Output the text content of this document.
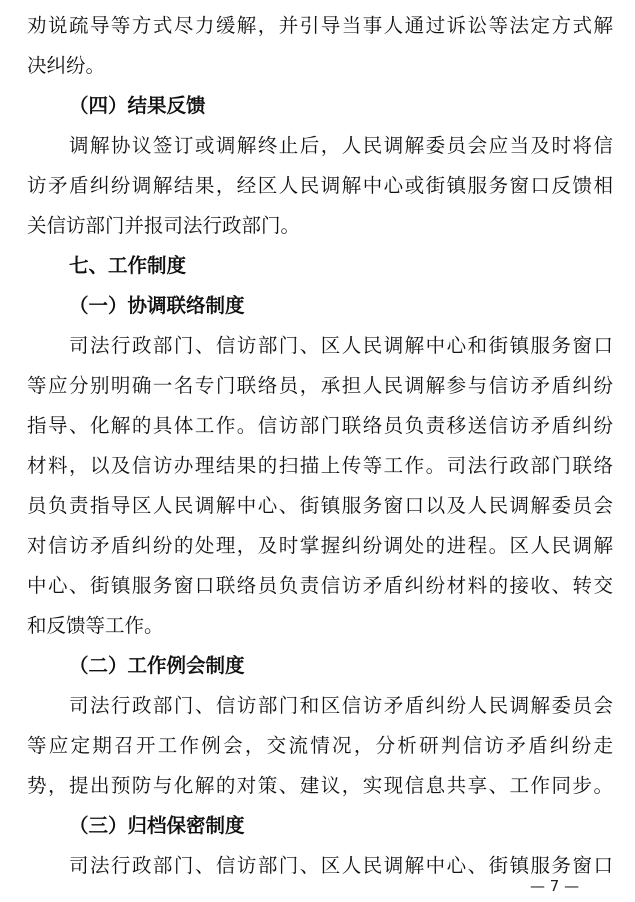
劝说疏导等方式尽力缓解，并引导当事人通过诉讼等法定方式解
决纠纷。
（四）结果反馈
调解协议签订或调解终止后，人民调解委员会应当及时将信
访矛盾纠纷调解结果，经区人民调解中心或街镇服务窗口反馈相
关信访部门并报司法行政部门。
七、工作制度
（一）协调联络制度
司法行政部门、信访部门、区人民调解中心和街镇服务窗口
等应分别明确一名专门联络员，承担人民调解参与信访矛盾纠纷
指导、化解的具体工作。信访部门联络员负责移送信访矛盾纠纷
材料，以及信访办理结果的扫描上传等工作。司法行政部门联络
员负责指导区人民调解中心、街镇服务窗口以及人民调解委员会
对信访矛盾纠纷的处理，及时掌握纠纷调处的进程。区人民调解
中心、街镇服务窗口联络员负责信访矛盾纠纷材料的接收、转交
和反馈等工作。
（二）工作例会制度
司法行政部门、信访部门和区信访矛盾纠纷人民调解委员会
等应定期召开工作例会，交流情况，分析研判信访矛盾纠纷走
势，提出预防与化解的对策、建议，实现信息共享、工作同步。
（三）归档保密制度
司法行政部门、信访部门、区人民调解中心、街镇服务窗口
— 7 —
